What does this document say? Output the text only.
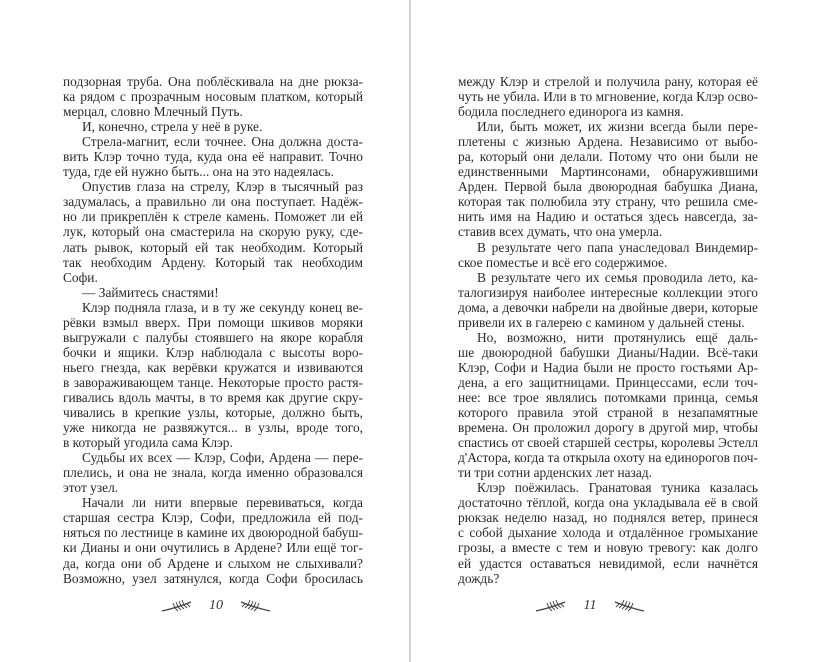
подзорная труба. Она поблёскивала на дне рюкза-
ка рядом с прозрачным носовым платком, который
мерцал, словно Млечный Путь.
И, конечно, стрела у неё в руке.
Стрела-магнит, если точнее. Она должна доста-
вить Клэр точно туда, куда она её направит. Точно
туда, где ей нужно быть... она на это надеялась.
Опустив глаза на стрелу, Клэр в тысячный раз
задумалась, а правильно ли она поступает. Надёж-
но ли прикреплён к стреле камень. Поможет ли ей
лук, который она смастерила на скорую руку, сде-
лать рывок, который ей так необходим. Который
так необходим Ардену. Который так необходим
Софи.
— Займитесь снастями!
Клэр подняла глаза, и в ту же секунду конец ве-
рёвки взмыл вверх. При помощи шкивов моряки
выгружали с палубы стоявшего на якоре корабля
бочки и ящики. Клэр наблюдала с высоты воро-
ньего гнезда, как верёвки кружатся и извиваются
в завораживающем танце. Некоторые просто растя-
гивались вдоль мачты, в то время как другие скру-
чивались в крепкие узлы, которые, должно быть,
уже никогда не развяжутся... в узлы, вроде того,
в который угодила сама Клэр.
Судьбы их всех — Клэр, Софи, Ардена — пере-
плелись, и она не знала, когда именно образовался
этот узел.
Начали ли нити впервые перевиваться, когда
старшая сестра Клэр, Софи, предложила ей под-
няться по лестнице в камине их двоюродной бабуш-
ки Дианы и они очутились в Ардене? Или ещё тог-
да, когда они об Ардене и слыхом не слыхивали?
Возможно, узел затянулся, когда Софи бросилась
между Клэр и стрелой и получила рану, которая её
чуть не убила. Или в то мгновение, когда Клэр осво-
бодила последнего единорога из камня.
Или, быть может, их жизни всегда были пере-
плетены с жизнью Ардена. Независимо от выбо-
ра, который они делали. Потому что они были не
единственными Мартинсонами, обнаружившими
Арден. Первой была двоюродная бабушка Диана,
которая так полюбила эту страну, что решила сме-
нить имя на Надию и остаться здесь навсегда, за-
ставив всех думать, что она умерла.
В результате чего папа унаследовал Виндемир-
ское поместье и всё его содержимое.
В результате чего их семья проводила лето, ка-
талогизируя наиболее интересные коллекции этого
дома, а девочки набрели на двойные двери, которые
привели их в галерею с камином у дальней стены.
Но, возможно, нити протянулись ещё даль-
ше двоюродной бабушки Дианы/Надии. Всё-таки
Клэр, Софи и Надиа были не просто гостьями Ар-
дена, а его защитницами. Принцессами, если точ-
нее: все трое являлись потомками принца, семья
которого правила этой страной в незапамятные
времена. Он проложил дорогу в другой мир, чтобы
спастись от своей старшей сестры, королевы Эстелл
д'Астора, когда та открыла охоту на единорогов поч-
ти три сотни арденских лет назад.
Клэр поёжилась. Гранатовая туника казалась
достаточно тёплой, когда она укладывала её в свой
рюкзак неделю назад, но поднялся ветер, принеся
с собой дыхание холода и отдалённое громыхание
грозы, а вместе с тем и новую тревогу: как долго
ей удастся оставаться невидимой, если начнётся
дождь?
10	11
